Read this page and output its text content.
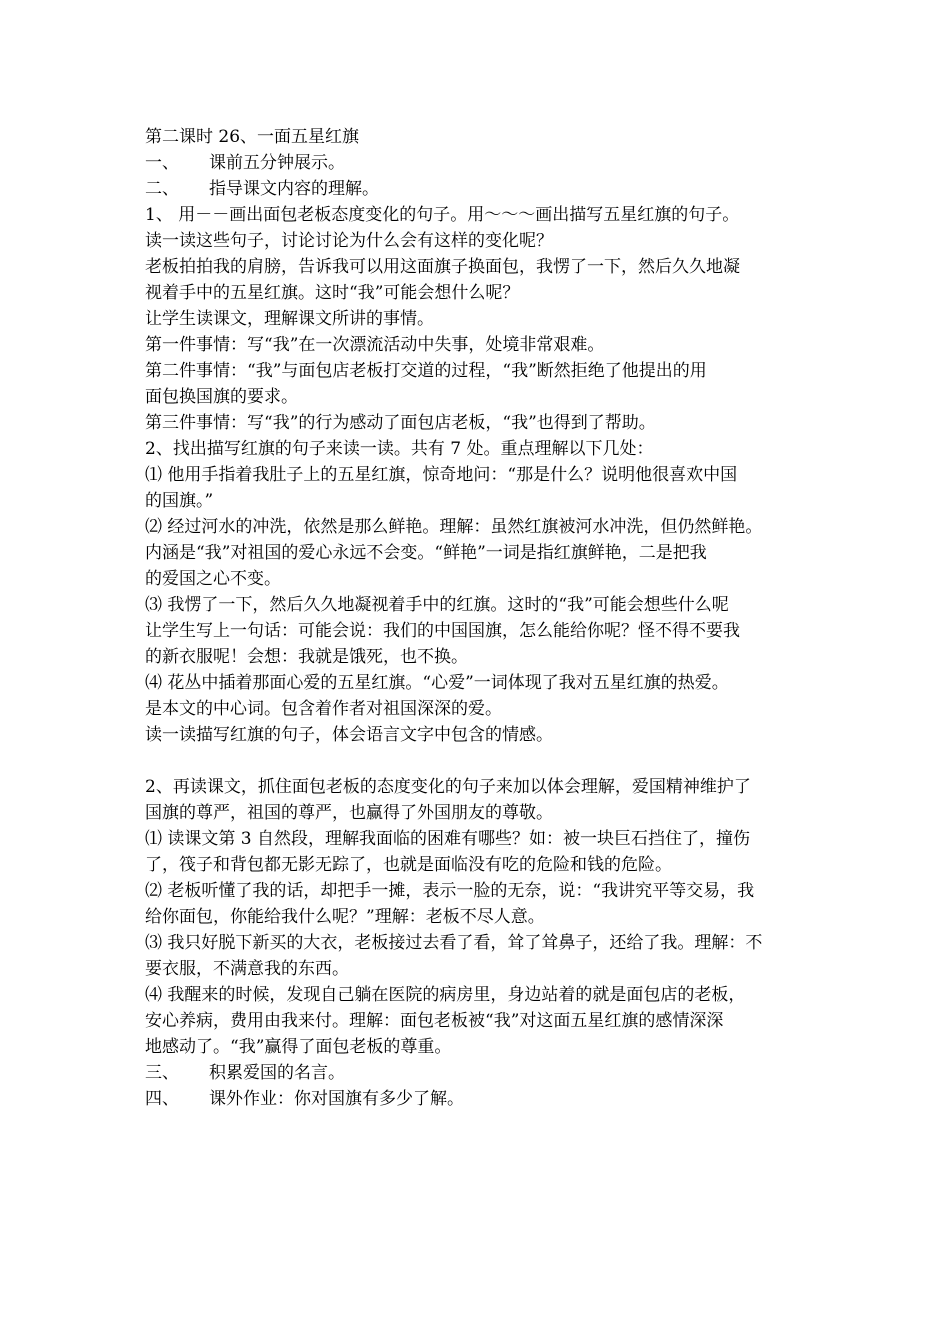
第二课时 26、一面五星红旗
一、 课前五分钟展示。
二、 指导课文内容的理解。
1、 用－－画出面包老板态度变化的句子。用～～～画出描写五星红旗的句子。
读一读这些句子，讨论讨论为什么会有这样的变化呢？
老板拍拍我的肩膀，告诉我可以用这面旗子换面包，我愣了一下，然后久久地凝
视着手中的五星红旗。这时“我”可能会想什么呢？
让学生读课文，理解课文所讲的事情。
第一件事情：写“我”在一次漂流活动中失事，处境非常艰难。
第二件事情：“我”与面包店老板打交道的过程，“我”断然拒绝了他提出的用
面包换国旗的要求。
第三件事情：写“我”的行为感动了面包店老板，“我”也得到了帮助。
2、找出描写红旗的句子来读一读。共有 7 处。重点理解以下几处：
⑴ 他用手指着我肚子上的五星红旗，惊奇地问：“那是什么？说明他很喜欢中国
的国旗。”
⑵ 经过河水的冲洗，依然是那么鲜艳。理解：虽然红旗被河水冲洗，但仍然鲜艳。
内涵是“我”对祖国的爱心永远不会变。“鲜艳”一词是指红旗鲜艳，二是把我
的爱国之心不变。
⑶ 我愣了一下，然后久久地凝视着手中的红旗。这时的“我”可能会想些什么呢
让学生写上一句话：可能会说：我们的中国国旗，怎么能给你呢？怪不得不要我
的新衣服呢！会想：我就是饿死，也不换。
⑷ 花丛中插着那面心爱的五星红旗。“心爱”一词体现了我对五星红旗的热爱。
是本文的中心词。包含着作者对祖国深深的爱。
读一读描写红旗的句子，体会语言文字中包含的情感。
2、再读课文，抓住面包老板的态度变化的句子来加以体会理解，爱国精神维护了
国旗的尊严，祖国的尊严，也赢得了外国朋友的尊敬。
⑴ 读课文第 3 自然段，理解我面临的困难有哪些？如：被一块巨石挡住了，撞伤
了，筏子和背包都无影无踪了，也就是面临没有吃的危险和钱的危险。
⑵ 老板听懂了我的话，却把手一摊，表示一脸的无奈，说：“我讲究平等交易，我
给你面包，你能给我什么呢？”理解：老板不尽人意。
⑶ 我只好脱下新买的大衣，老板接过去看了看，耸了耸鼻子，还给了我。理解：不
要衣服，不满意我的东西。
⑷ 我醒来的时候，发现自己躺在医院的病房里，身边站着的就是面包店的老板，
安心养病，费用由我来付。理解：面包老板被“我”对这面五星红旗的感情深深
地感动了。“我”赢得了面包老板的尊重。
三、 积累爱国的名言。
四、 课外作业：你对国旗有多少了解。
